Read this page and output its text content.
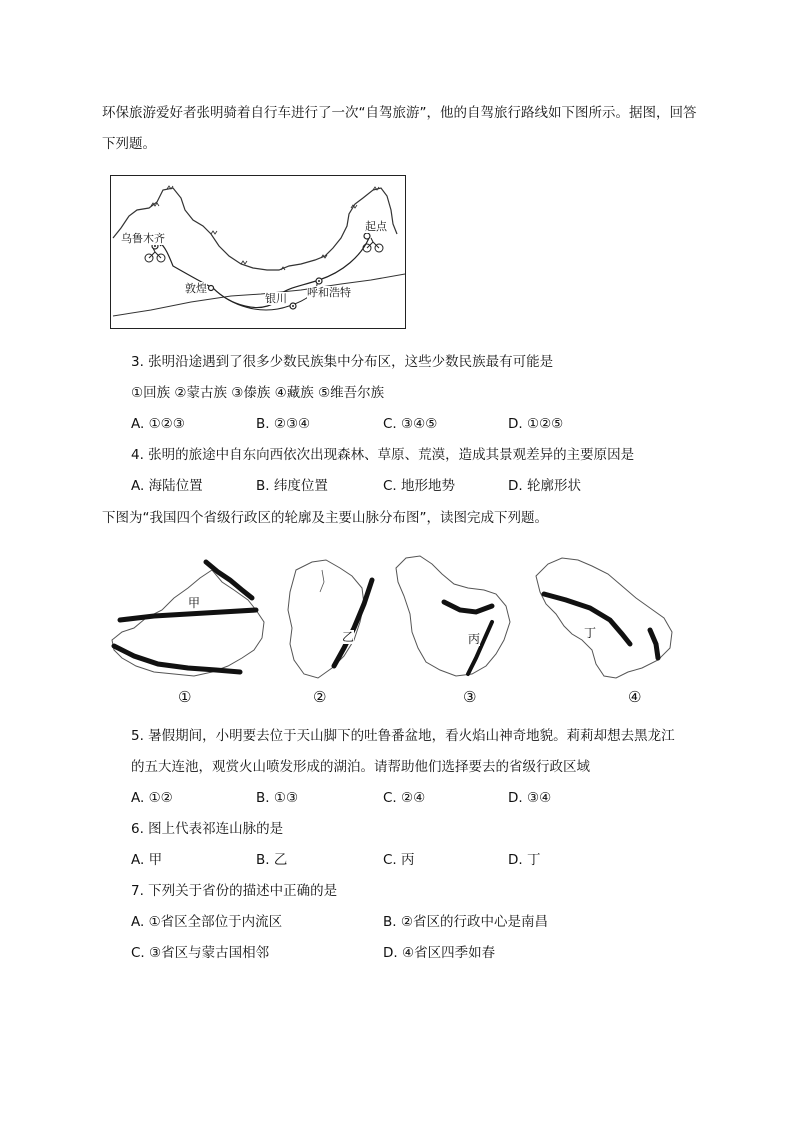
环保旅游爱好者张明骑着自行车进行了一次“自驾旅游”，他的自驾旅行路线如下图所示。据图，回答下列题。
乌鲁木齐
起点
敦煌
银川 呼和浩特
3. 张明沿途遇到了很多少数民族集中分布区，这些少数民族最有可能是
①回族 ②蒙古族 ③傣族 ④藏族 ⑤维吾尔族
A. ①②③	B. ②③④	C. ③④⑤	D. ①②⑤
4. 张明的旅途中自东向西依次出现森林、草原、荒漠，造成其景观差异的主要原因是
A. 海陆位置	B. 纬度位置	C. 地形地势	D. 轮廓形状
下图为“我国四个省级行政区的轮廓及主要山脉分布图”，读图完成下列题。
甲
乙	丙	丁
①	②	③	④
5. 暑假期间，小明要去位于天山脚下的吐鲁番盆地，看火焰山神奇地貌。莉莉却想去黑龙江
的五大连池，观赏火山喷发形成的湖泊。请帮助他们选择要去的省级行政区域
A. ①②	B. ①③	C. ②④	D. ③④
6. 图上代表祁连山脉的是
A. 甲	B. 乙	C. 丙	D. 丁
7. 下列关于省份的描述中正确的是
A. ①省区全部位于内流区	B. ②省区的行政中心是南昌
C. ③省区与蒙古国相邻	D. ④省区四季如春
